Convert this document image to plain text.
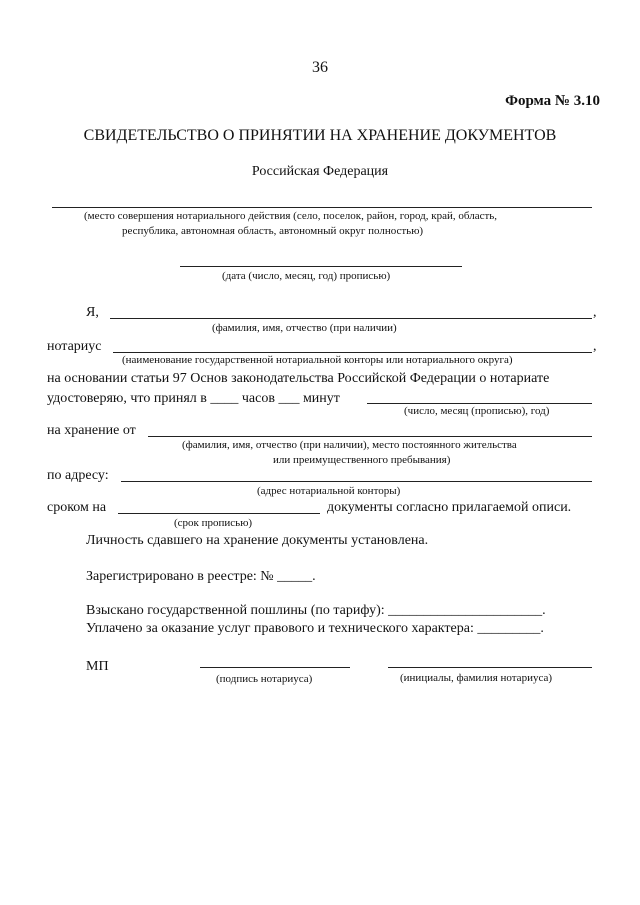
36
Форма № 3.10
СВИДЕТЕЛЬСТВО О ПРИНЯТИИ НА ХРАНЕНИЕ ДОКУМЕНТОВ
Российская Федерация
(место совершения нотариального действия (село, поселок, район, город, край, область,
республика, автономная область, автономный округ полностью)
(дата (число, месяц, год) прописью)
Я,	,
(фамилия, имя, отчество (при наличии)
нотариус	,
(наименование государственной нотариальной конторы или нотариального округа)
на основании статьи 97 Основ законодательства Российской Федерации о нотариате
удостоверяю, что принял в ____ часов ___ минут
(число, месяц (прописью), год)
на хранение от
(фамилия, имя, отчество (при наличии), место постоянного жительства
или преимущественного пребывания)
по адресу:
(адрес нотариальной конторы)
сроком на	документы согласно прилагаемой описи.
(срок прописью)
Личность сдавшего на хранение документы установлена.
Зарегистрировано в реестре: № _____.
Взыскано государственной пошлины (по тарифу): ______________________.
Уплачено за оказание услуг правового и технического характера: _________.
МП
(подпись нотариуса)	(инициалы, фамилия нотариуса)
